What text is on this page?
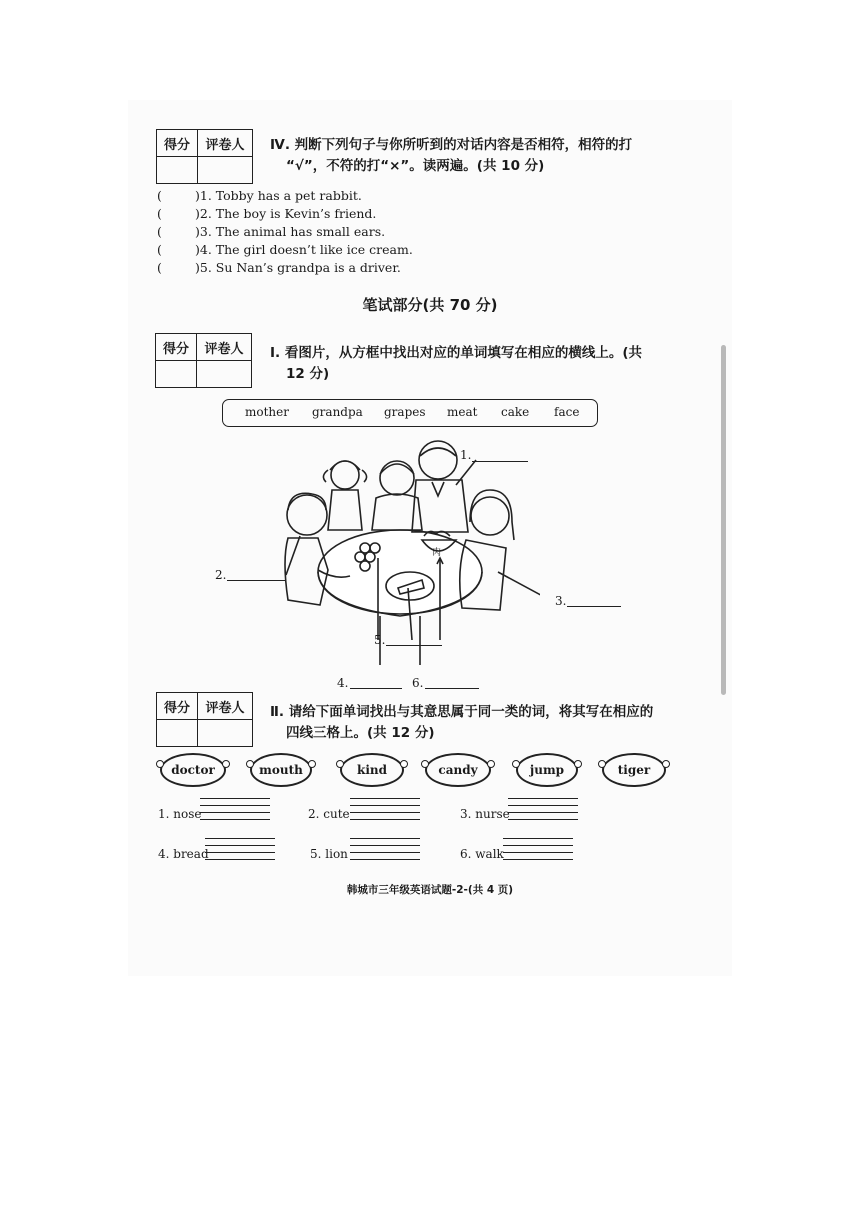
得分	评卷人
	Ⅳ. 判断下列句子与你所听到的对话内容是否相符，相符的打
“√”，不符的打“×”。读两遍。(共 10 分)
(	)1. Tobby has a pet rabbit.
(	)2. The boy is Kevin’s friend.
(	)3. The animal has small ears.
(	)4. The girl doesn’t like ice cream.
(	)5. Su Nan’s grandpa is a driver.
笔试部分(共 70 分)
得分	评卷人
	Ⅰ. 看图片，从方框中找出对应的单词填写在相应的横线上。(共
12 分)
mother grandpa grapes meat cake face
肉
1.
2.
3.
4.
5.
6.
得分	评卷人
	Ⅱ. 请给下面单词找出与其意思属于同一类的词，将其写在相应的
四线三格上。(共 12 分)
doctor	mouth	kind	candy	jump	tiger
1. nose	2. cute	3. nurse
4. bread	5. lion	6. walk
韩城市三年级英语试题-2-(共 4 页)
